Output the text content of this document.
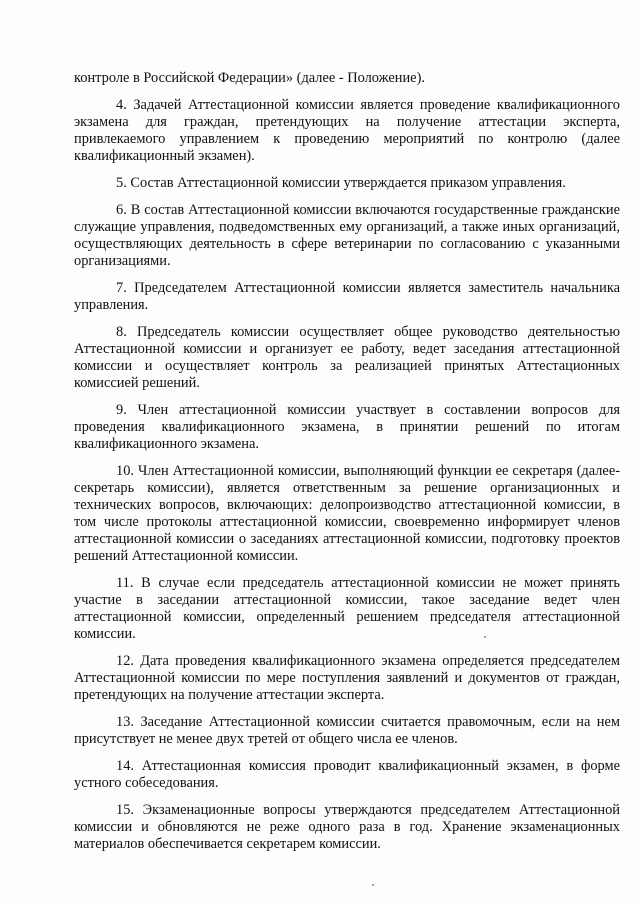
контроле в Российской Федерации» (далее - Положение).

4. Задачей Аттестационной комиссии является проведение квалификационного экзамена для граждан, претендующих на получение аттестации эксперта, привлекаемого управлением к проведению мероприятий по контролю (далее квалификационный экзамен).

5. Состав Аттестационной комиссии утверждается приказом управления.

6. В состав Аттестационной комиссии включаются государственные гражданские служащие управления, подведомственных ему организаций, а также иных организаций, осуществляющих деятельность в сфере ветеринарии по согласованию с указанными организациями.

7. Председателем Аттестационной комиссии является заместитель начальника управления.

8. Председатель комиссии осуществляет общее руководство деятельностью Аттестационной комиссии и организует ее работу, ведет заседания аттестационной комиссии и осуществляет контроль за реализацией принятых Аттестационных комиссией решений.

9. Член аттестационной комиссии участвует в составлении вопросов для проведения квалификационного экзамена, в принятии решений по итогам квалификационного экзамена.

10. Член Аттестационной комиссии, выполняющий функции ее секретаря (далее-секретарь комиссии), является ответственным за решение организационных и технических вопросов, включающих: делопроизводство аттестационной комиссии, в том числе протоколы аттестационной комиссии, своевременно информирует членов аттестационной комиссии о заседаниях аттестационной комиссии, подготовку проектов решений Аттестационной комиссии.

11. В случае если председатель аттестационной комиссии не может принять участие в заседании аттестационной комиссии, такое заседание ведет член аттестационной комиссии, определенный решением председателя аттестационной комиссии.

12. Дата проведения квалификационного экзамена определяется председателем Аттестационной комиссии по мере поступления заявлений и документов от граждан, претендующих на получение аттестации эксперта.

13. Заседание Аттестационной комиссии считается правомочным, если на нем присутствует не менее двух третей от общего числа ее членов.

14. Аттестационная комиссия проводит квалификационный экзамен, в форме устного собеседования.

15. Экзаменационные вопросы утверждаются председателем Аттестационной комиссии и обновляются не реже одного раза в год. Хранение экзаменационных материалов обеспечивается секретарем комиссии.
